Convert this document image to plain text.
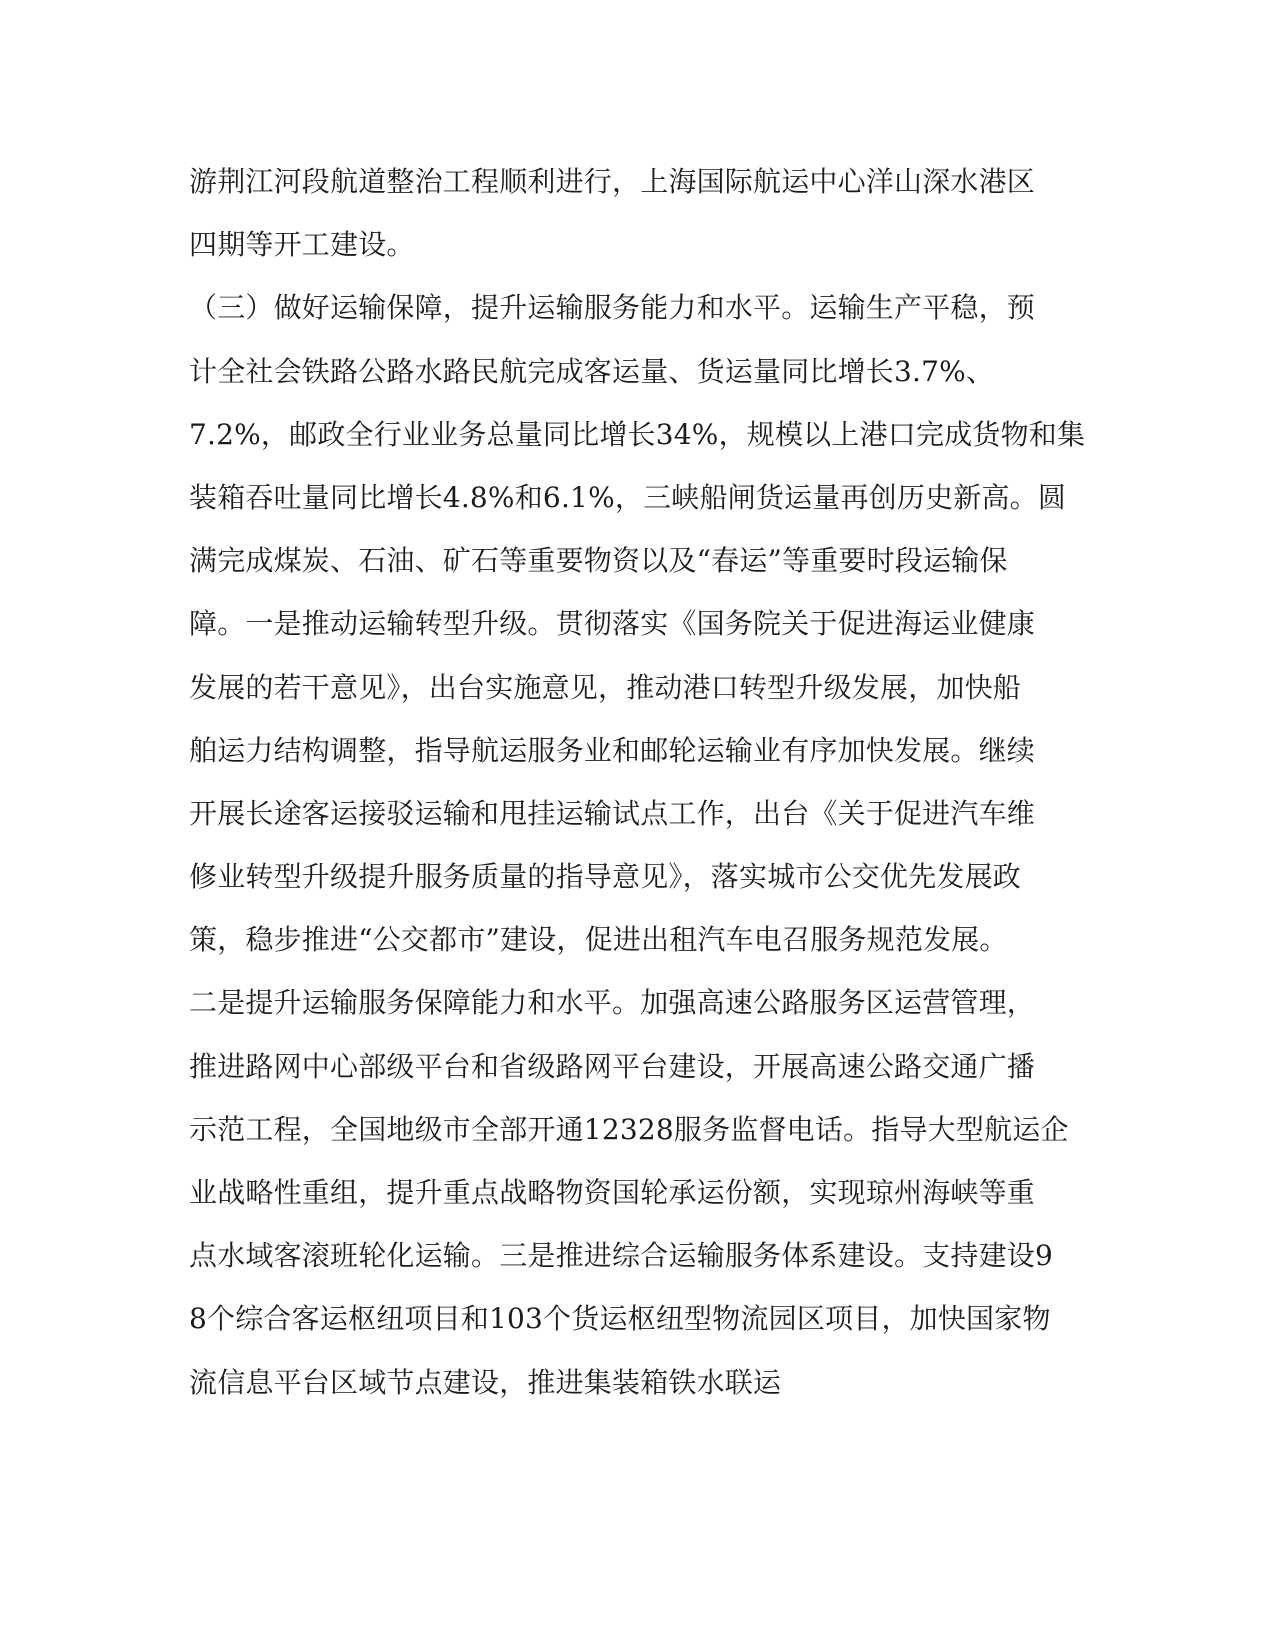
游荆江河段航道整治工程顺利进行，上海国际航运中心洋山深水港区
四期等开工建设。
（三）做好运输保障，提升运输服务能力和水平。运输生产平稳，预
计全社会铁路公路水路民航完成客运量、货运量同比增长3.7%、
7.2%，邮政全行业业务总量同比增长34%，规模以上港口完成货物和集
装箱吞吐量同比增长4.8%和6.1%，三峡船闸货运量再创历史新高。圆
满完成煤炭、石油、矿石等重要物资以及“春运”等重要时段运输保
障。一是推动运输转型升级。贯彻落实《国务院关于促进海运业健康
发展的若干意见》，出台实施意见，推动港口转型升级发展，加快船
舶运力结构调整，指导航运服务业和邮轮运输业有序加快发展。继续
开展长途客运接驳运输和甩挂运输试点工作，出台《关于促进汽车维
修业转型升级提升服务质量的指导意见》，落实城市公交优先发展政
策，稳步推进“公交都市”建设，促进出租汽车电召服务规范发展。
二是提升运输服务保障能力和水平。加强高速公路服务区运营管理，
推进路网中心部级平台和省级路网平台建设，开展高速公路交通广播
示范工程，全国地级市全部开通12328服务监督电话。指导大型航运企
业战略性重组，提升重点战略物资国轮承运份额，实现琼州海峡等重
点水域客滚班轮化运输。三是推进综合运输服务体系建设。支持建设9
8个综合客运枢纽项目和103个货运枢纽型物流园区项目，加快国家物
流信息平台区域节点建设，推进集装箱铁水联运
